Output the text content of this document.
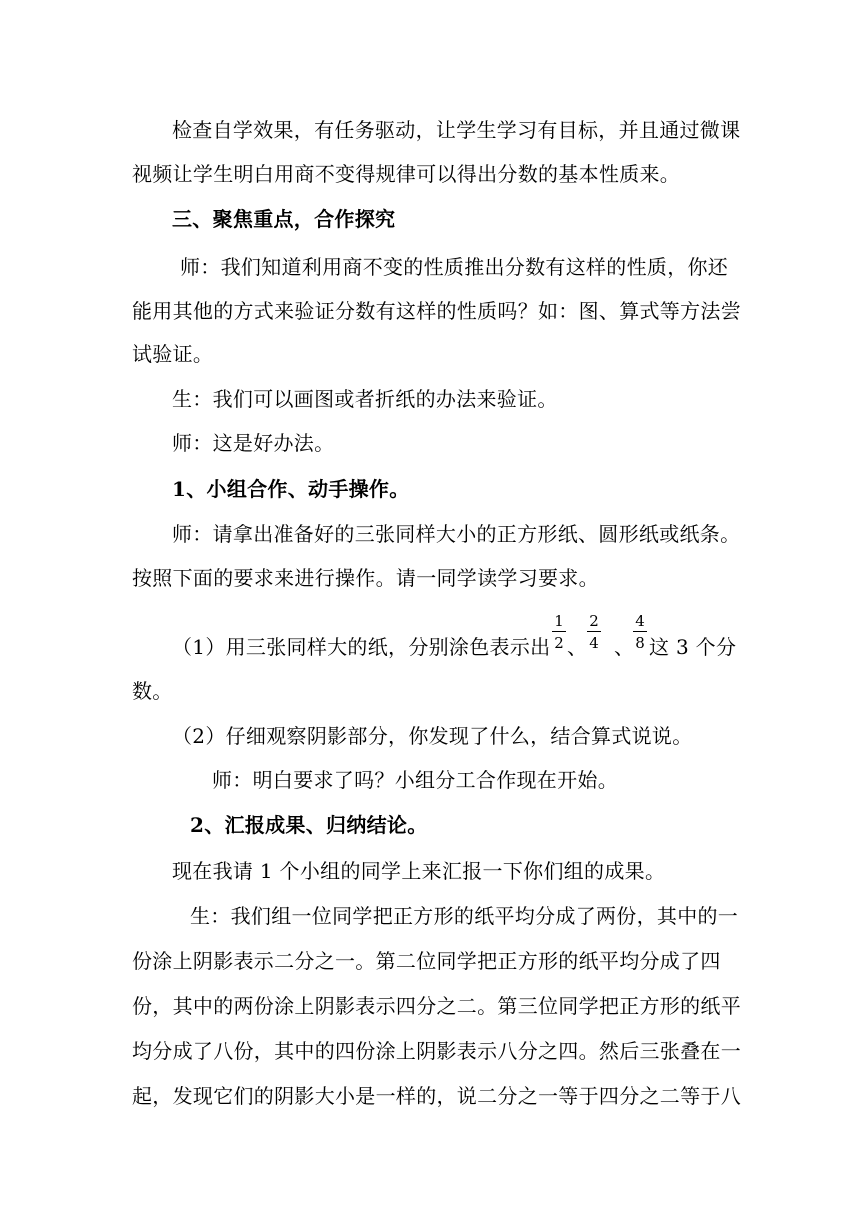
检查自学效果，有任务驱动，让学生学习有目标，并且通过微课
视频让学生明白用商不变得规律可以得出分数的基本性质来。
三、聚焦重点，合作探究
师：我们知道利用商不变的性质推出分数有这样的性质，你还
能用其他的方式来验证分数有这样的性质吗？如：图、算式等方法尝
试验证。
生：我们可以画图或者折纸的办法来验证。
师：这是好办法。
1、小组合作、动手操作。
师：请拿出准备好的三张同样大小的正方形纸、圆形纸或纸条。
按照下面的要求来进行操作。请一同学读学习要求。
（1）用三张同样大的纸，分别涂色表示出
1
2 、
2
4 、
4
8 这 3 个分
数。
（2）仔细观察阴影部分，你发现了什么，结合算式说说。
师：明白要求了吗？小组分工合作现在开始。
2、汇报成果、归纳结论。
现在我请 1 个小组的同学上来汇报一下你们组的成果。
生：我们组一位同学把正方形的纸平均分成了两份，其中的一
份涂上阴影表示二分之一。第二位同学把正方形的纸平均分成了四
份，其中的两份涂上阴影表示四分之二。第三位同学把正方形的纸平
均分成了八份，其中的四份涂上阴影表示八分之四。然后三张叠在一
起，发现它们的阴影大小是一样的，说二分之一等于四分之二等于八
